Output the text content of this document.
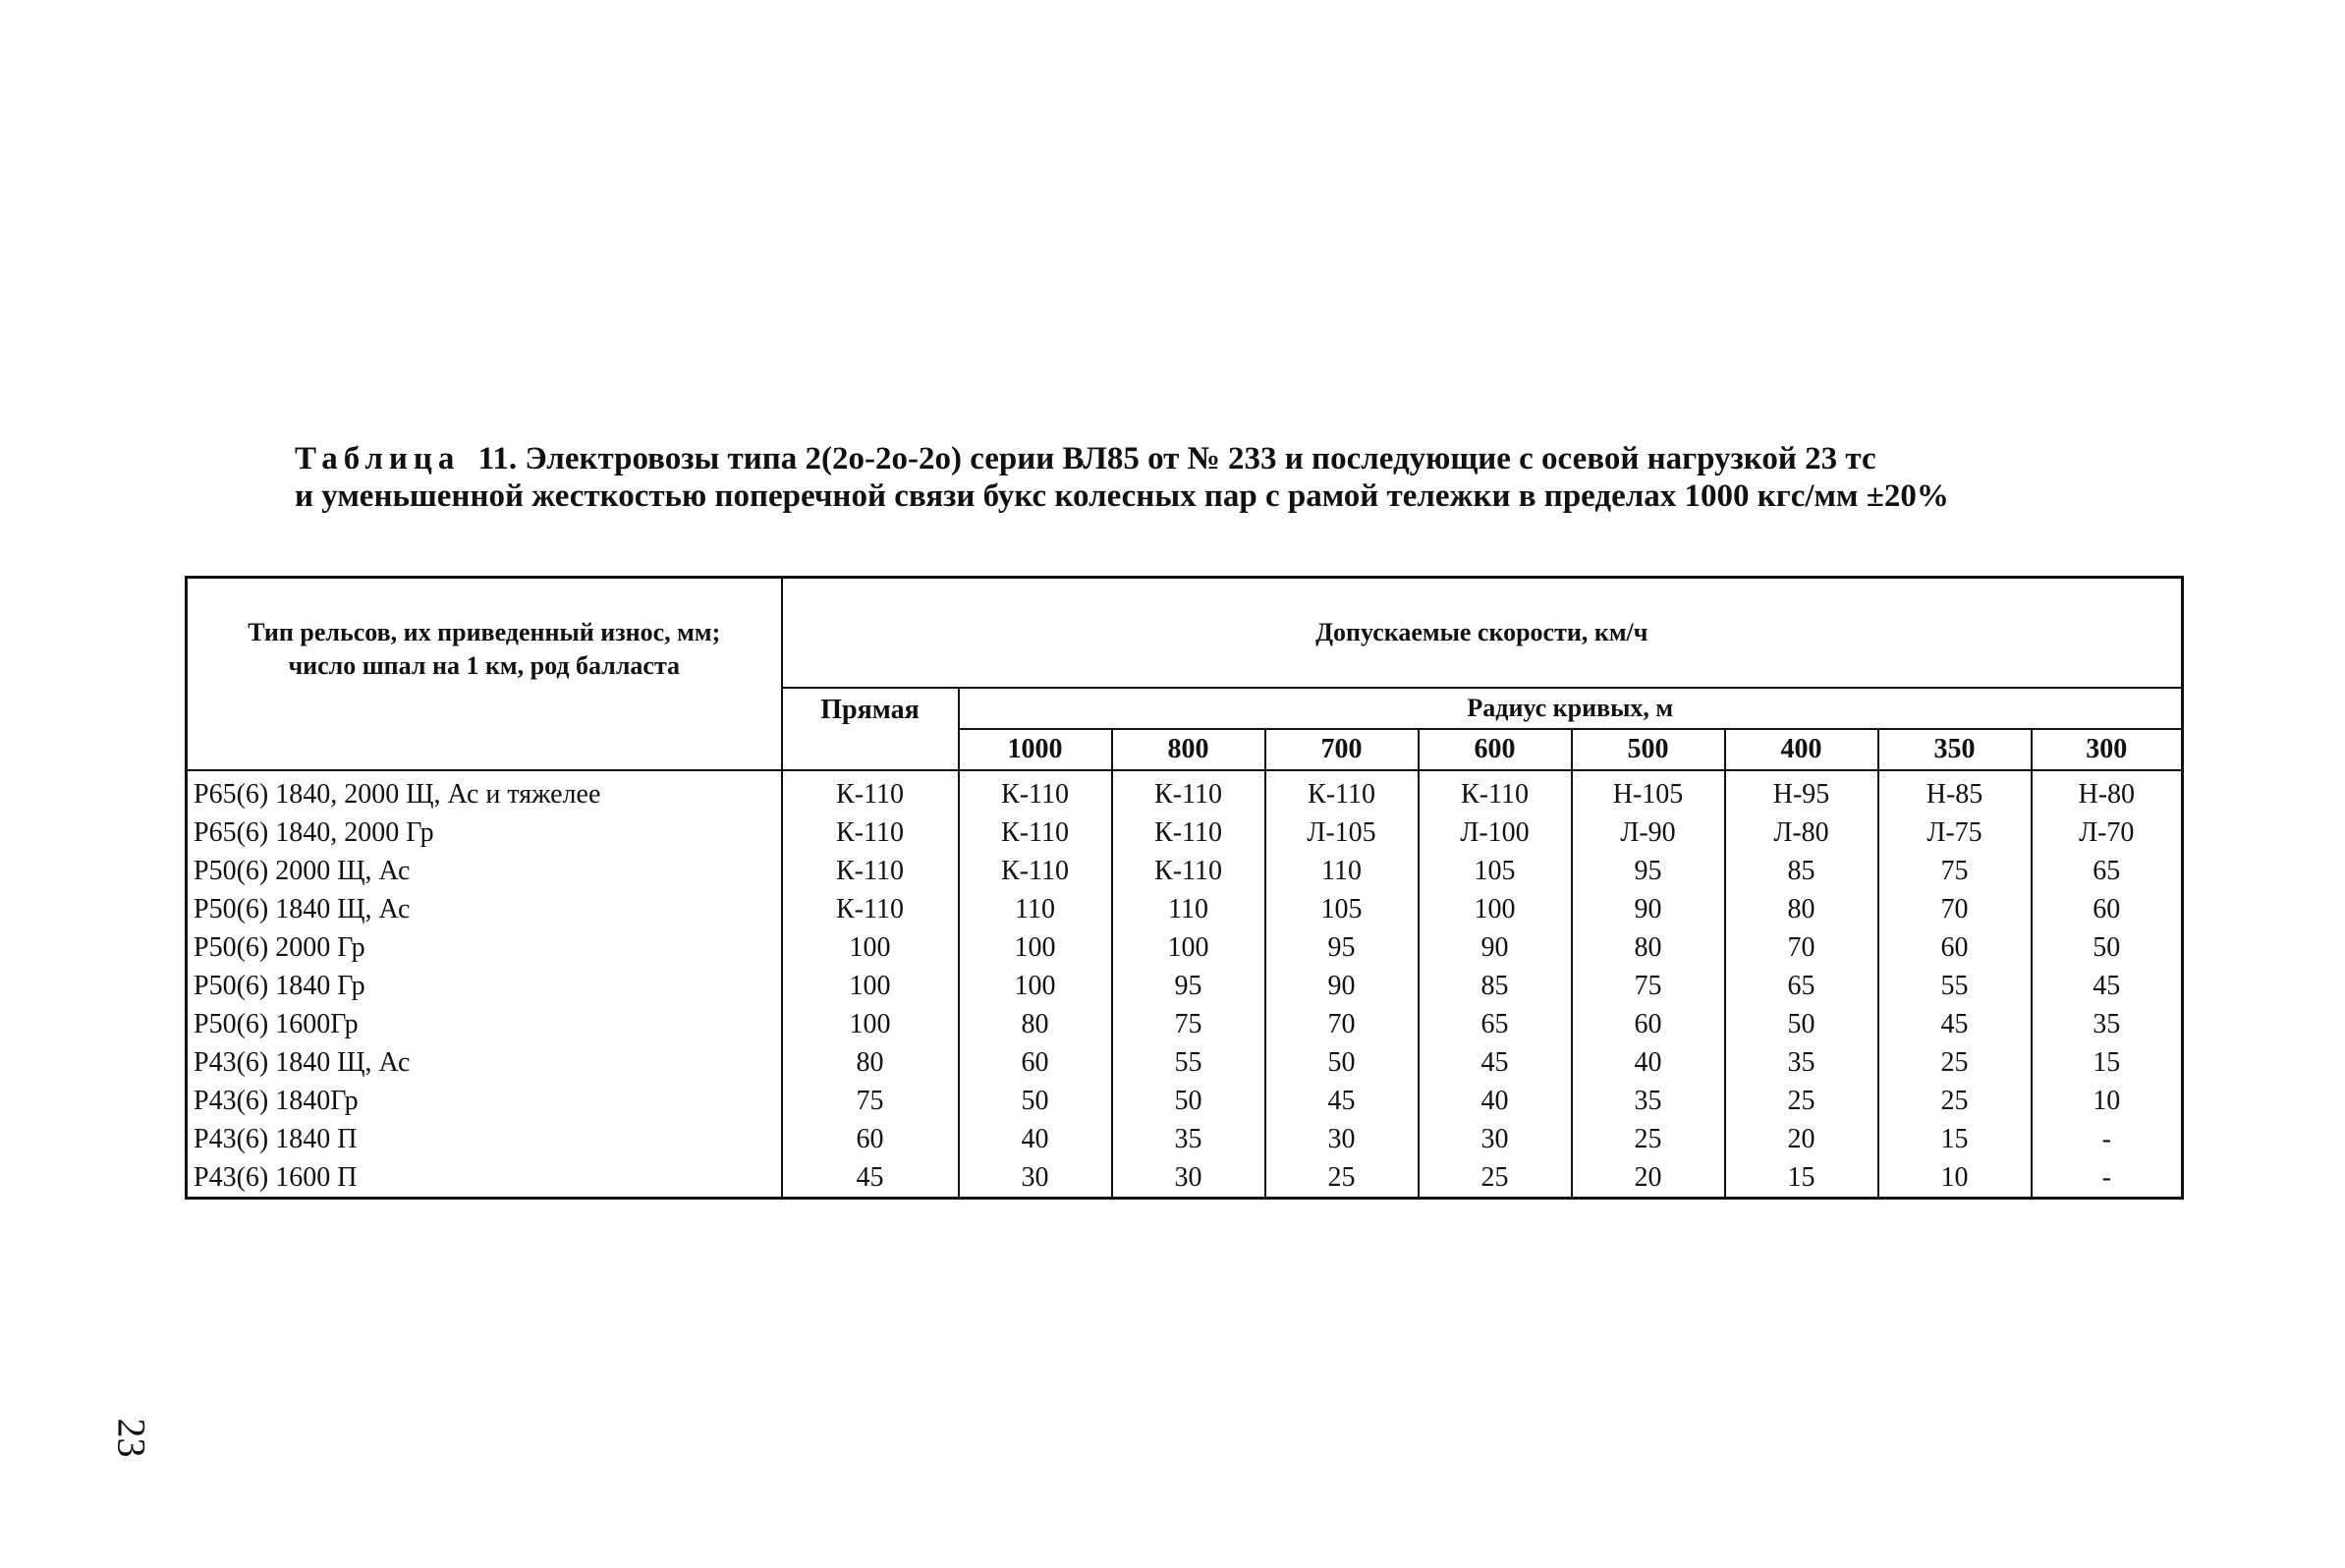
Таблица 11. Электровозы типа 2(2о-2о-2о) серии ВЛ85 от № 233 и последующие с осевой нагрузкой 23 тс
и уменьшенной жесткостью поперечной связи букс колесных пар с рамой тележки в пределах 1000 кгс/мм ±20%
Тип рельсов, их приведенный износ, мм; число шпал на 1 км, род балласта	Допускаемые скорости, км/ч								
	Прямая	Радиус кривых, м							
		1000	800	700	600	500	400	350	300
Р65(6) 1840, 2000 Щ, Ас и тяжелее	К-110	К-110	К-110	К-110	К-110	Н-105	Н-95	Н-85	Н-80
Р65(6) 1840, 2000 Гр	К-110	К-110	К-110	Л-105	Л-100	Л-90	Л-80	Л-75	Л-70
Р50(6) 2000 Щ, Ас	К-110	К-110	К-110	110	105	95	85	75	65
Р50(6) 1840 Щ, Ас	К-110	110	110	105	100	90	80	70	60
Р50(6) 2000 Гр	100	100	100	95	90	80	70	60	50
Р50(6) 1840 Гр	100	100	95	90	85	75	65	55	45
Р50(6) 1600Гр	100	80	75	70	65	60	50	45	35
Р43(6) 1840 Щ, Ас	80	60	55	50	45	40	35	25	15
Р43(6) 1840Гр	75	50	50	45	40	35	25	25	10
Р43(6) 1840 П	60	40	35	30	30	25	20	15	-
Р43(6) 1600 П	45	30	30	25	25	20	15	10	-
23
